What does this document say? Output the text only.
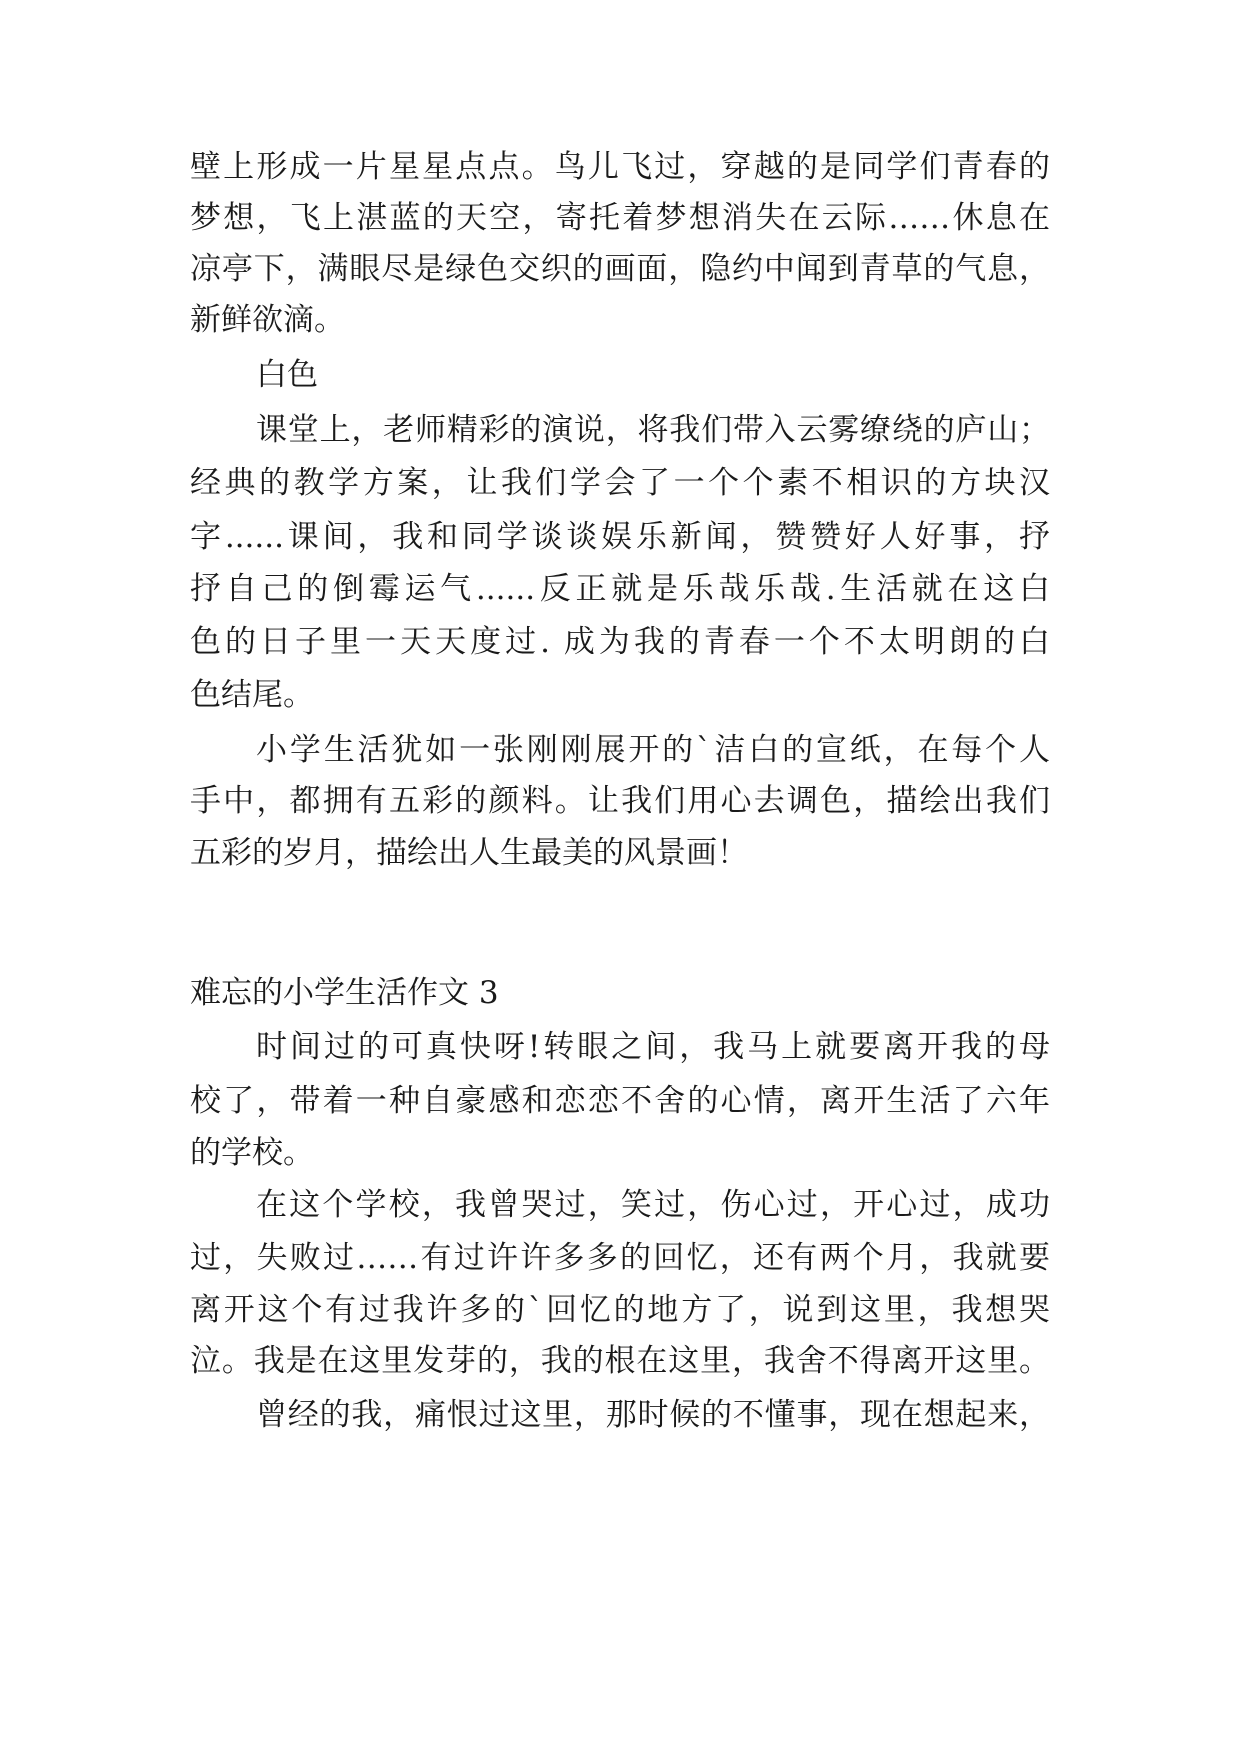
壁上形成一片星星点点。鸟儿飞过，穿越的是同学们青春的
梦想，飞上湛蓝的天空，寄托着梦想消失在云际……休息在
凉亭下，满眼尽是绿色交织的画面，隐约中闻到青草的气息，
新鲜欲滴。
白色
课堂上，老师精彩的演说，将我们带入云雾缭绕的庐山；
经典的教学方案，让我们学会了一个个素不相识的方块汉
字......课间，我和同学谈谈娱乐新闻，赞赞好人好事，抒
抒自己的倒霉运气......反正就是乐哉乐哉.生活就在这白
色的日子里一天天度过. 成为我的青春一个不太明朗的白
色结尾。
小学生活犹如一张刚刚展开的`洁白的宣纸，在每个人
手中，都拥有五彩的颜料。让我们用心去调色，描绘出我们
五彩的岁月，描绘出人生最美的风景画！
难忘的小学生活作文 3
时间过的可真快呀!转眼之间，我马上就要离开我的母
校了，带着一种自豪感和恋恋不舍的心情，离开生活了六年
的学校。
在这个学校，我曾哭过，笑过，伤心过，开心过，成功
过，失败过……有过许许多多的回忆，还有两个月，我就要
离开这个有过我许多的`回忆的地方了，说到这里，我想哭
泣。我是在这里发芽的，我的根在这里，我舍不得离开这里。
曾经的我，痛恨过这里，那时候的不懂事，现在想起来，
